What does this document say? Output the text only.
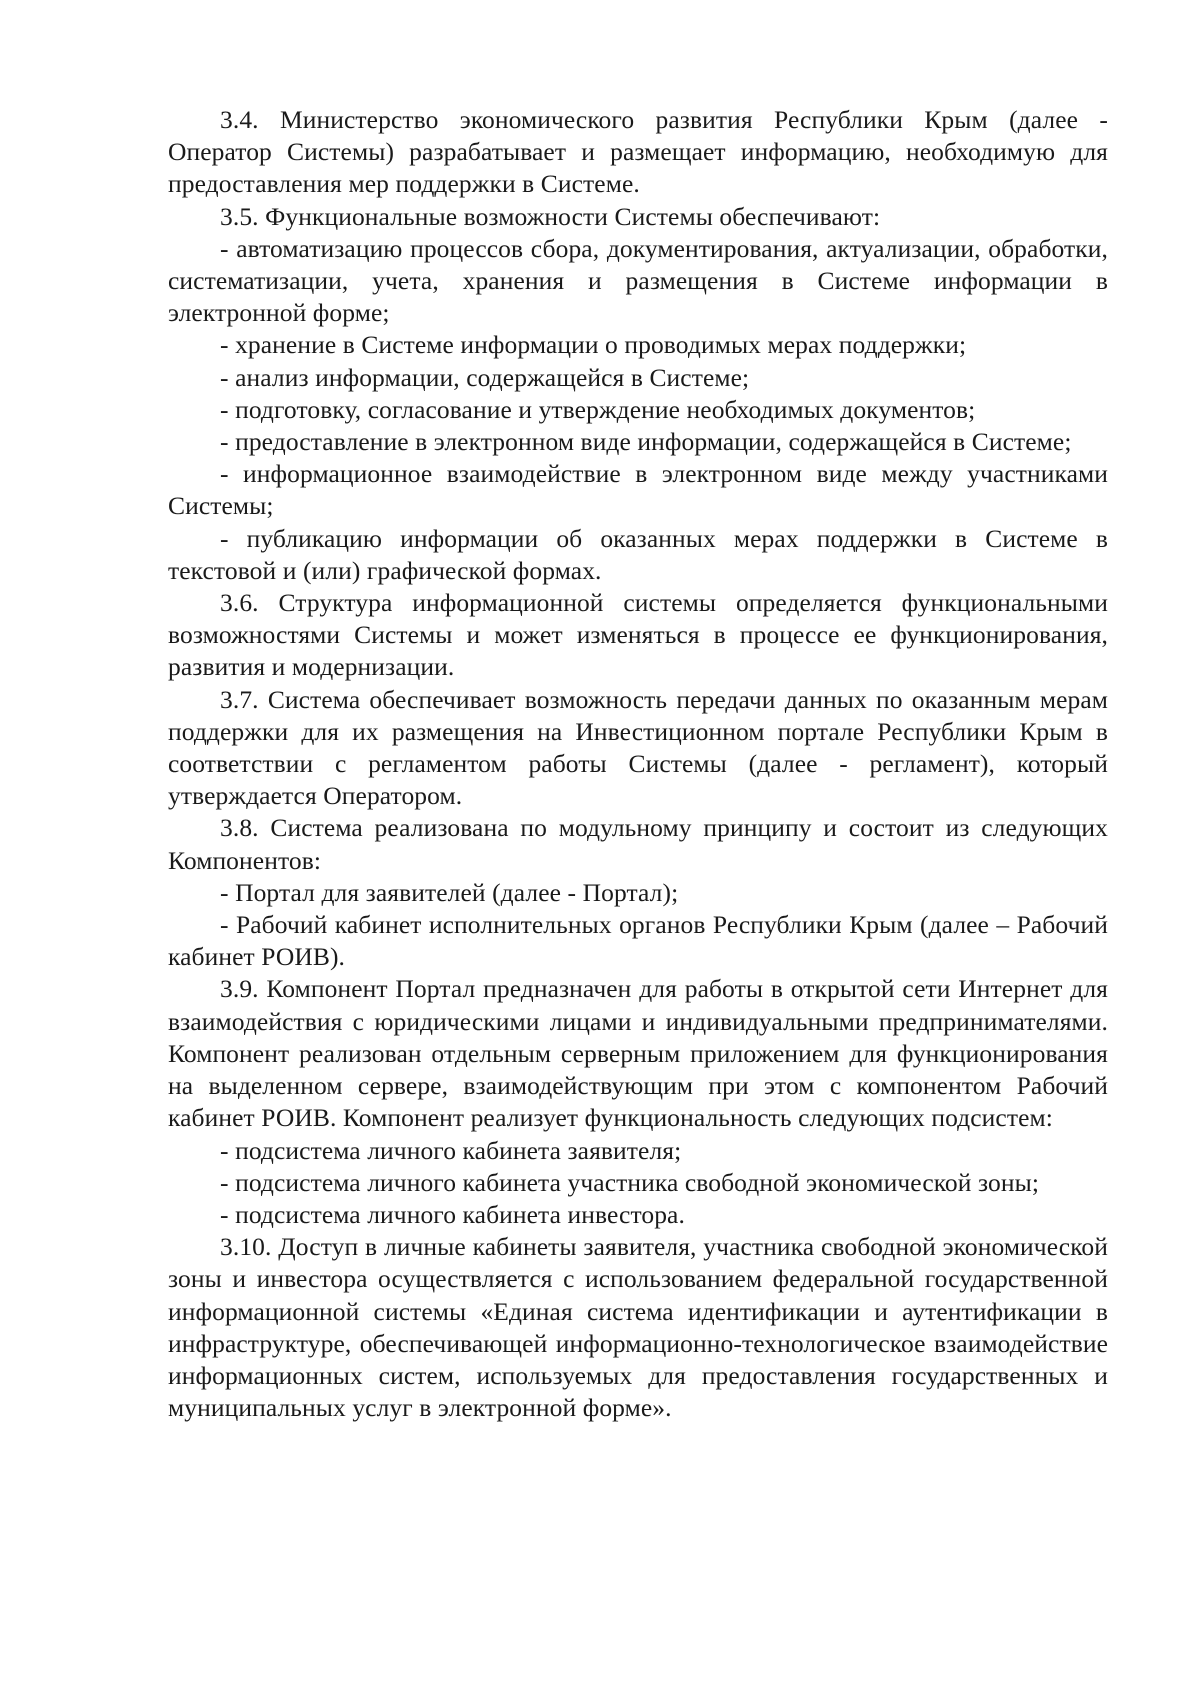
3.4. Министерство экономического развития Республики Крым (далее - Оператор Системы) разрабатывает и размещает информацию, необходимую для предоставления мер поддержки в Системе.

3.5. Функциональные возможности Системы обеспечивают:

- автоматизацию процессов сбора, документирования, актуализации, обработки, систематизации, учета, хранения и размещения в Системе информации в электронной форме;

- хранение в Системе информации о проводимых мерах поддержки;

- анализ информации, содержащейся в Системе;

- подготовку, согласование и утверждение необходимых документов;

- предоставление в электронном виде информации, содержащейся в Системе;

- информационное взаимодействие в электронном виде между участниками Системы;

- публикацию информации об оказанных мерах поддержки в Системе в текстовой и (или) графической формах.

3.6. Структура информационной системы определяется функциональными возможностями Системы и может изменяться в процессе ее функционирования, развития и модернизации.

3.7. Система обеспечивает возможность передачи данных по оказанным мерам поддержки для их размещения на Инвестиционном портале Республики Крым в соответствии с регламентом работы Системы (далее - регламент), который утверждается Оператором.

3.8. Система реализована по модульному принципу и состоит из следующих Компонентов:

- Портал для заявителей (далее - Портал);

- Рабочий кабинет исполнительных органов Республики Крым (далее – Рабочий кабинет РОИВ).

3.9. Компонент Портал предназначен для работы в открытой сети Интернет для взаимодействия с юридическими лицами и индивидуальными предпринимателями. Компонент реализован отдельным серверным приложением для функционирования на выделенном сервере, взаимодействующим при этом с компонентом Рабочий кабинет РОИВ. Компонент реализует функциональность следующих подсистем:

- подсистема личного кабинета заявителя;

- подсистема личного кабинета участника свободной экономической зоны;

- подсистема личного кабинета инвестора.

3.10. Доступ в личные кабинеты заявителя, участника свободной экономической зоны и инвестора осуществляется с использованием федеральной государственной информационной системы «Единая система идентификации и аутентификации в инфраструктуре, обеспечивающей информационно-технологическое взаимодействие информационных систем, используемых для предоставления государственных и муниципальных услуг в электронной форме».
